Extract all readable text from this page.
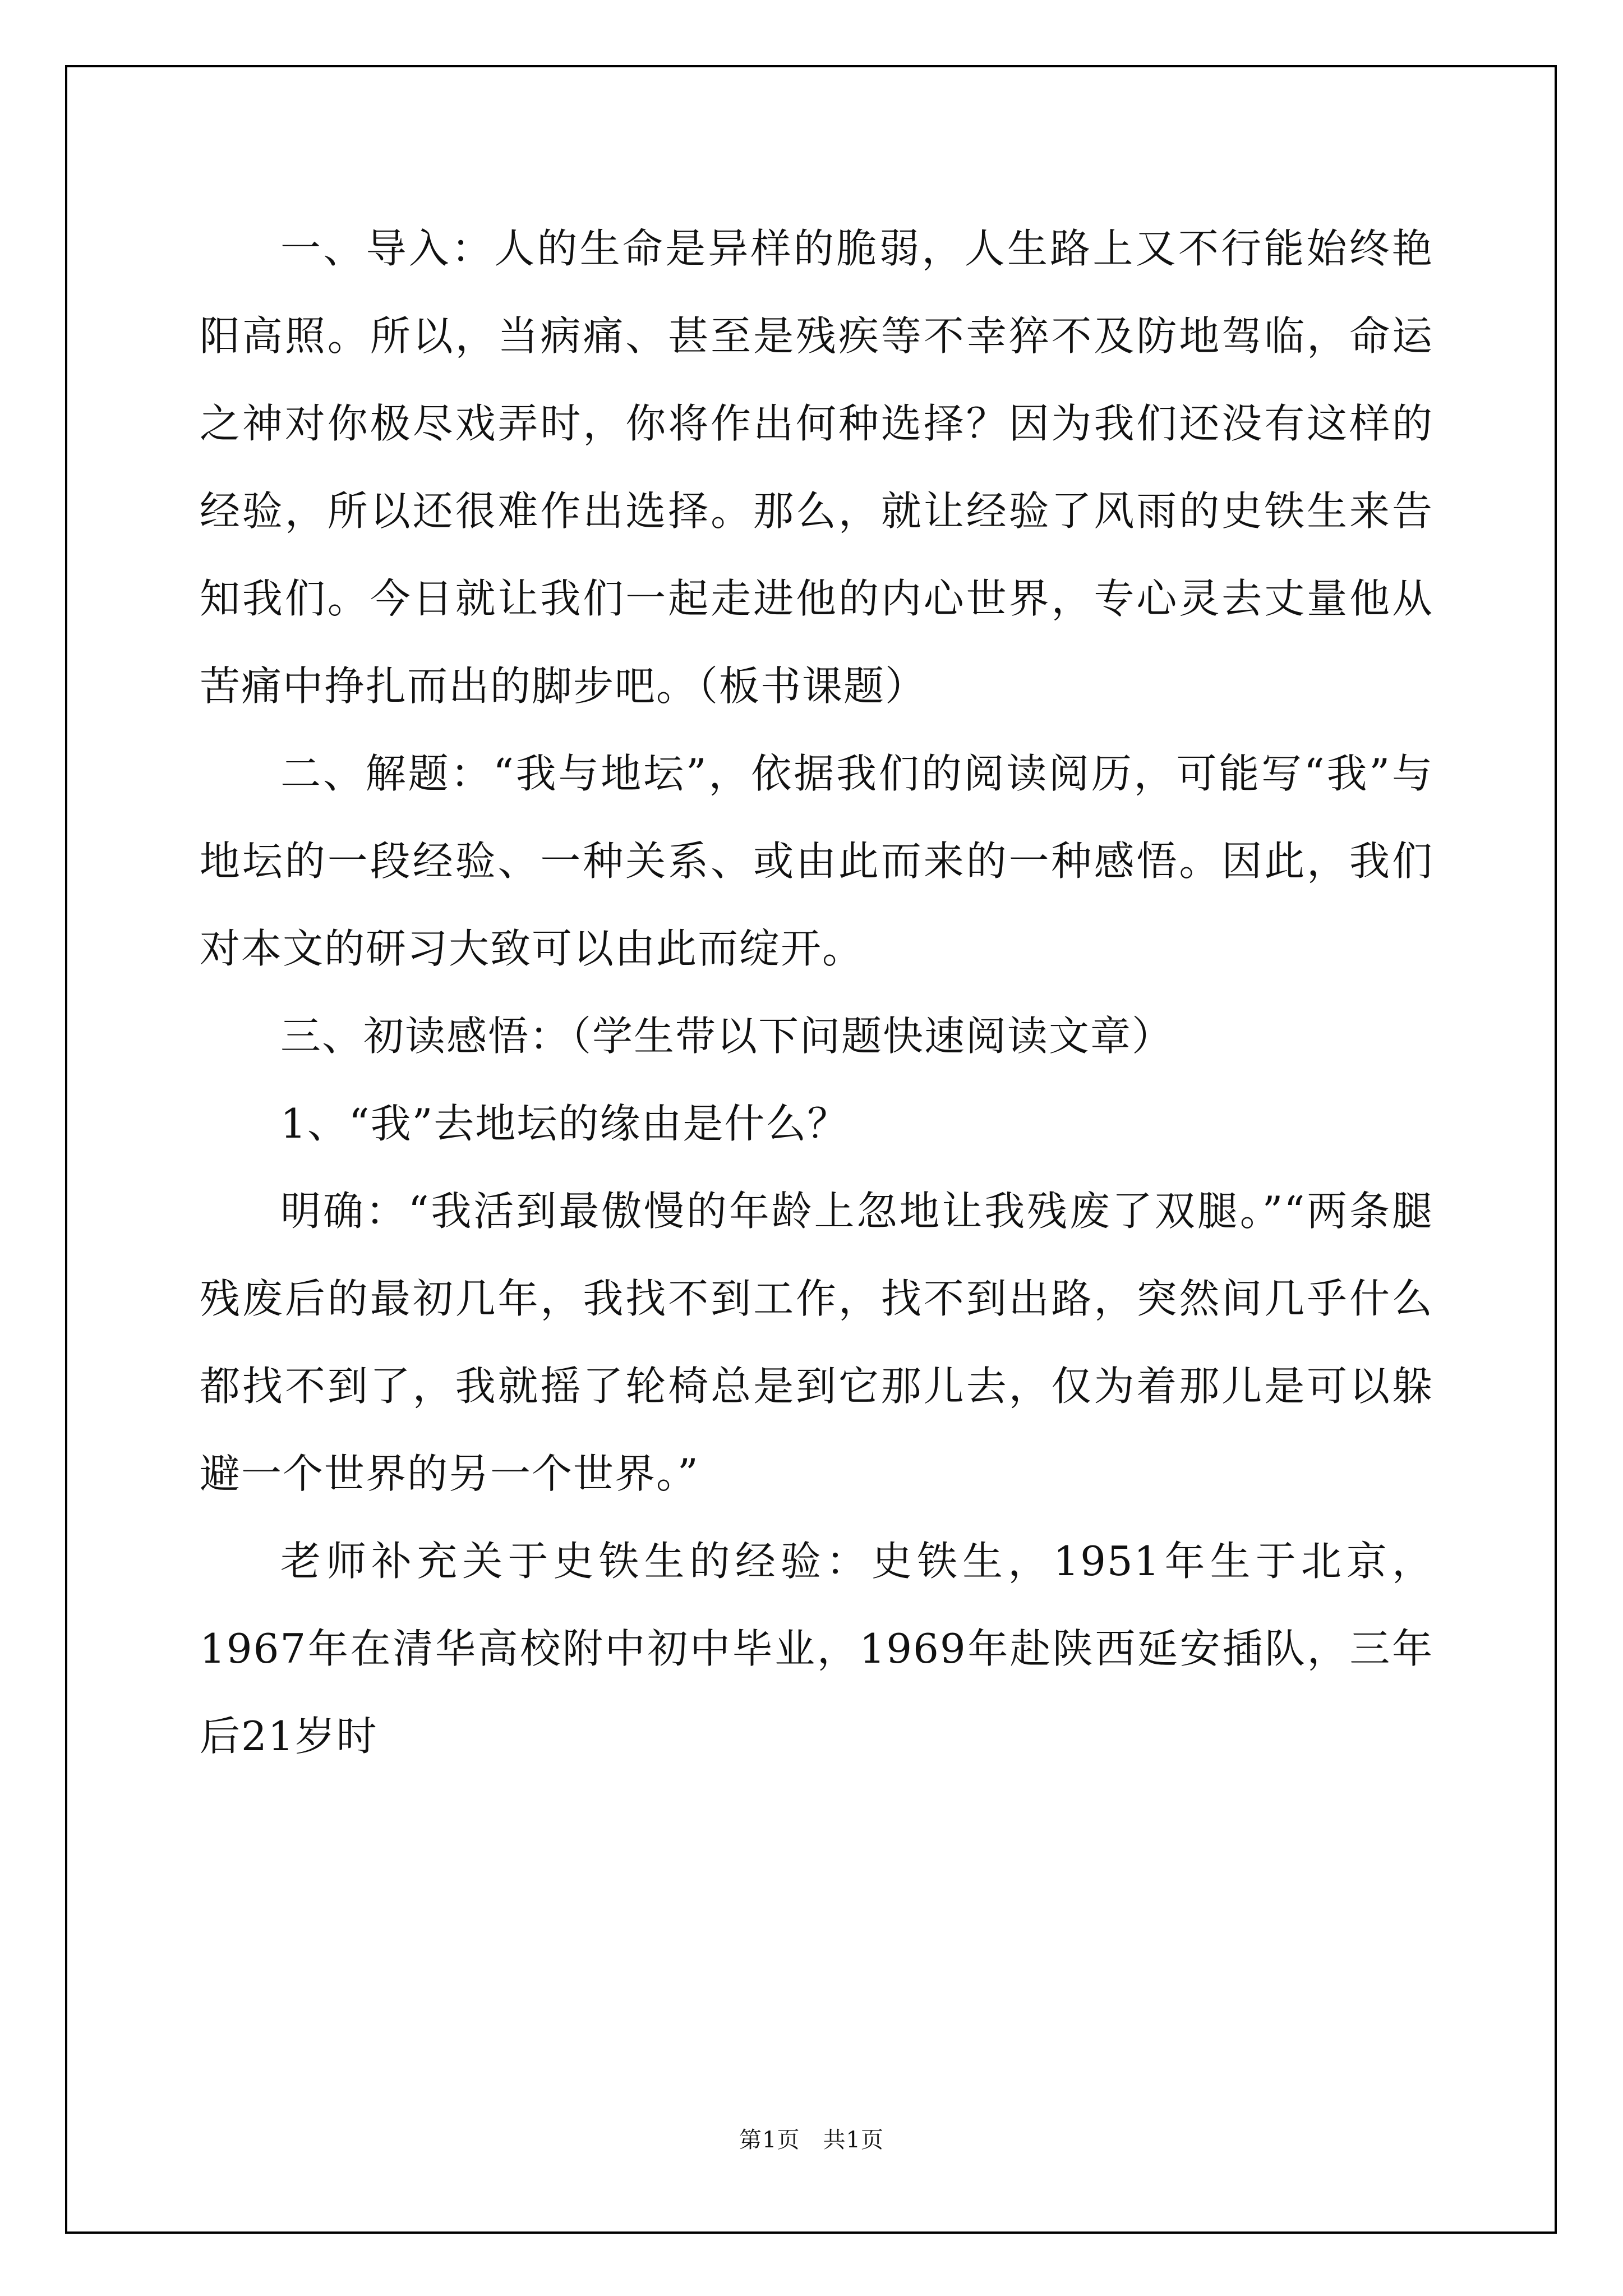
一、导入：人的生命是异样的脆弱，人生路上又不行能始终艳阳高照。所以，当病痛、甚至是残疾等不幸猝不及防地驾临，命运之神对你极尽戏弄时，你将作出何种选择？因为我们还没有这样的经验，所以还很难作出选择。那么，就让经验了风雨的史铁生来告知我们。今日就让我们一起走进他的内心世界，专心灵去丈量他从苦痛中挣扎而出的脚步吧。（板书课题）

二、解题：“我与地坛”，依据我们的阅读阅历，可能写“我”与地坛的一段经验、一种关系、或由此而来的一种感悟。因此，我们对本文的研习大致可以由此而绽开。

三、初读感悟：（学生带以下问题快速阅读文章）

1、“我”去地坛的缘由是什么？

明确：“我活到最傲慢的年龄上忽地让我残废了双腿。”“两条腿残废后的最初几年，我找不到工作，找不到出路，突然间几乎什么都找不到了，我就摇了轮椅总是到它那儿去，仅为着那儿是可以躲避一个世界的另一个世界。”

老师补充关于史铁生的经验：史铁生，1951年生于北京，1967年在清华高校附中初中毕业，1969年赴陕西延安插队，三年后21岁时

第1页　共1页
